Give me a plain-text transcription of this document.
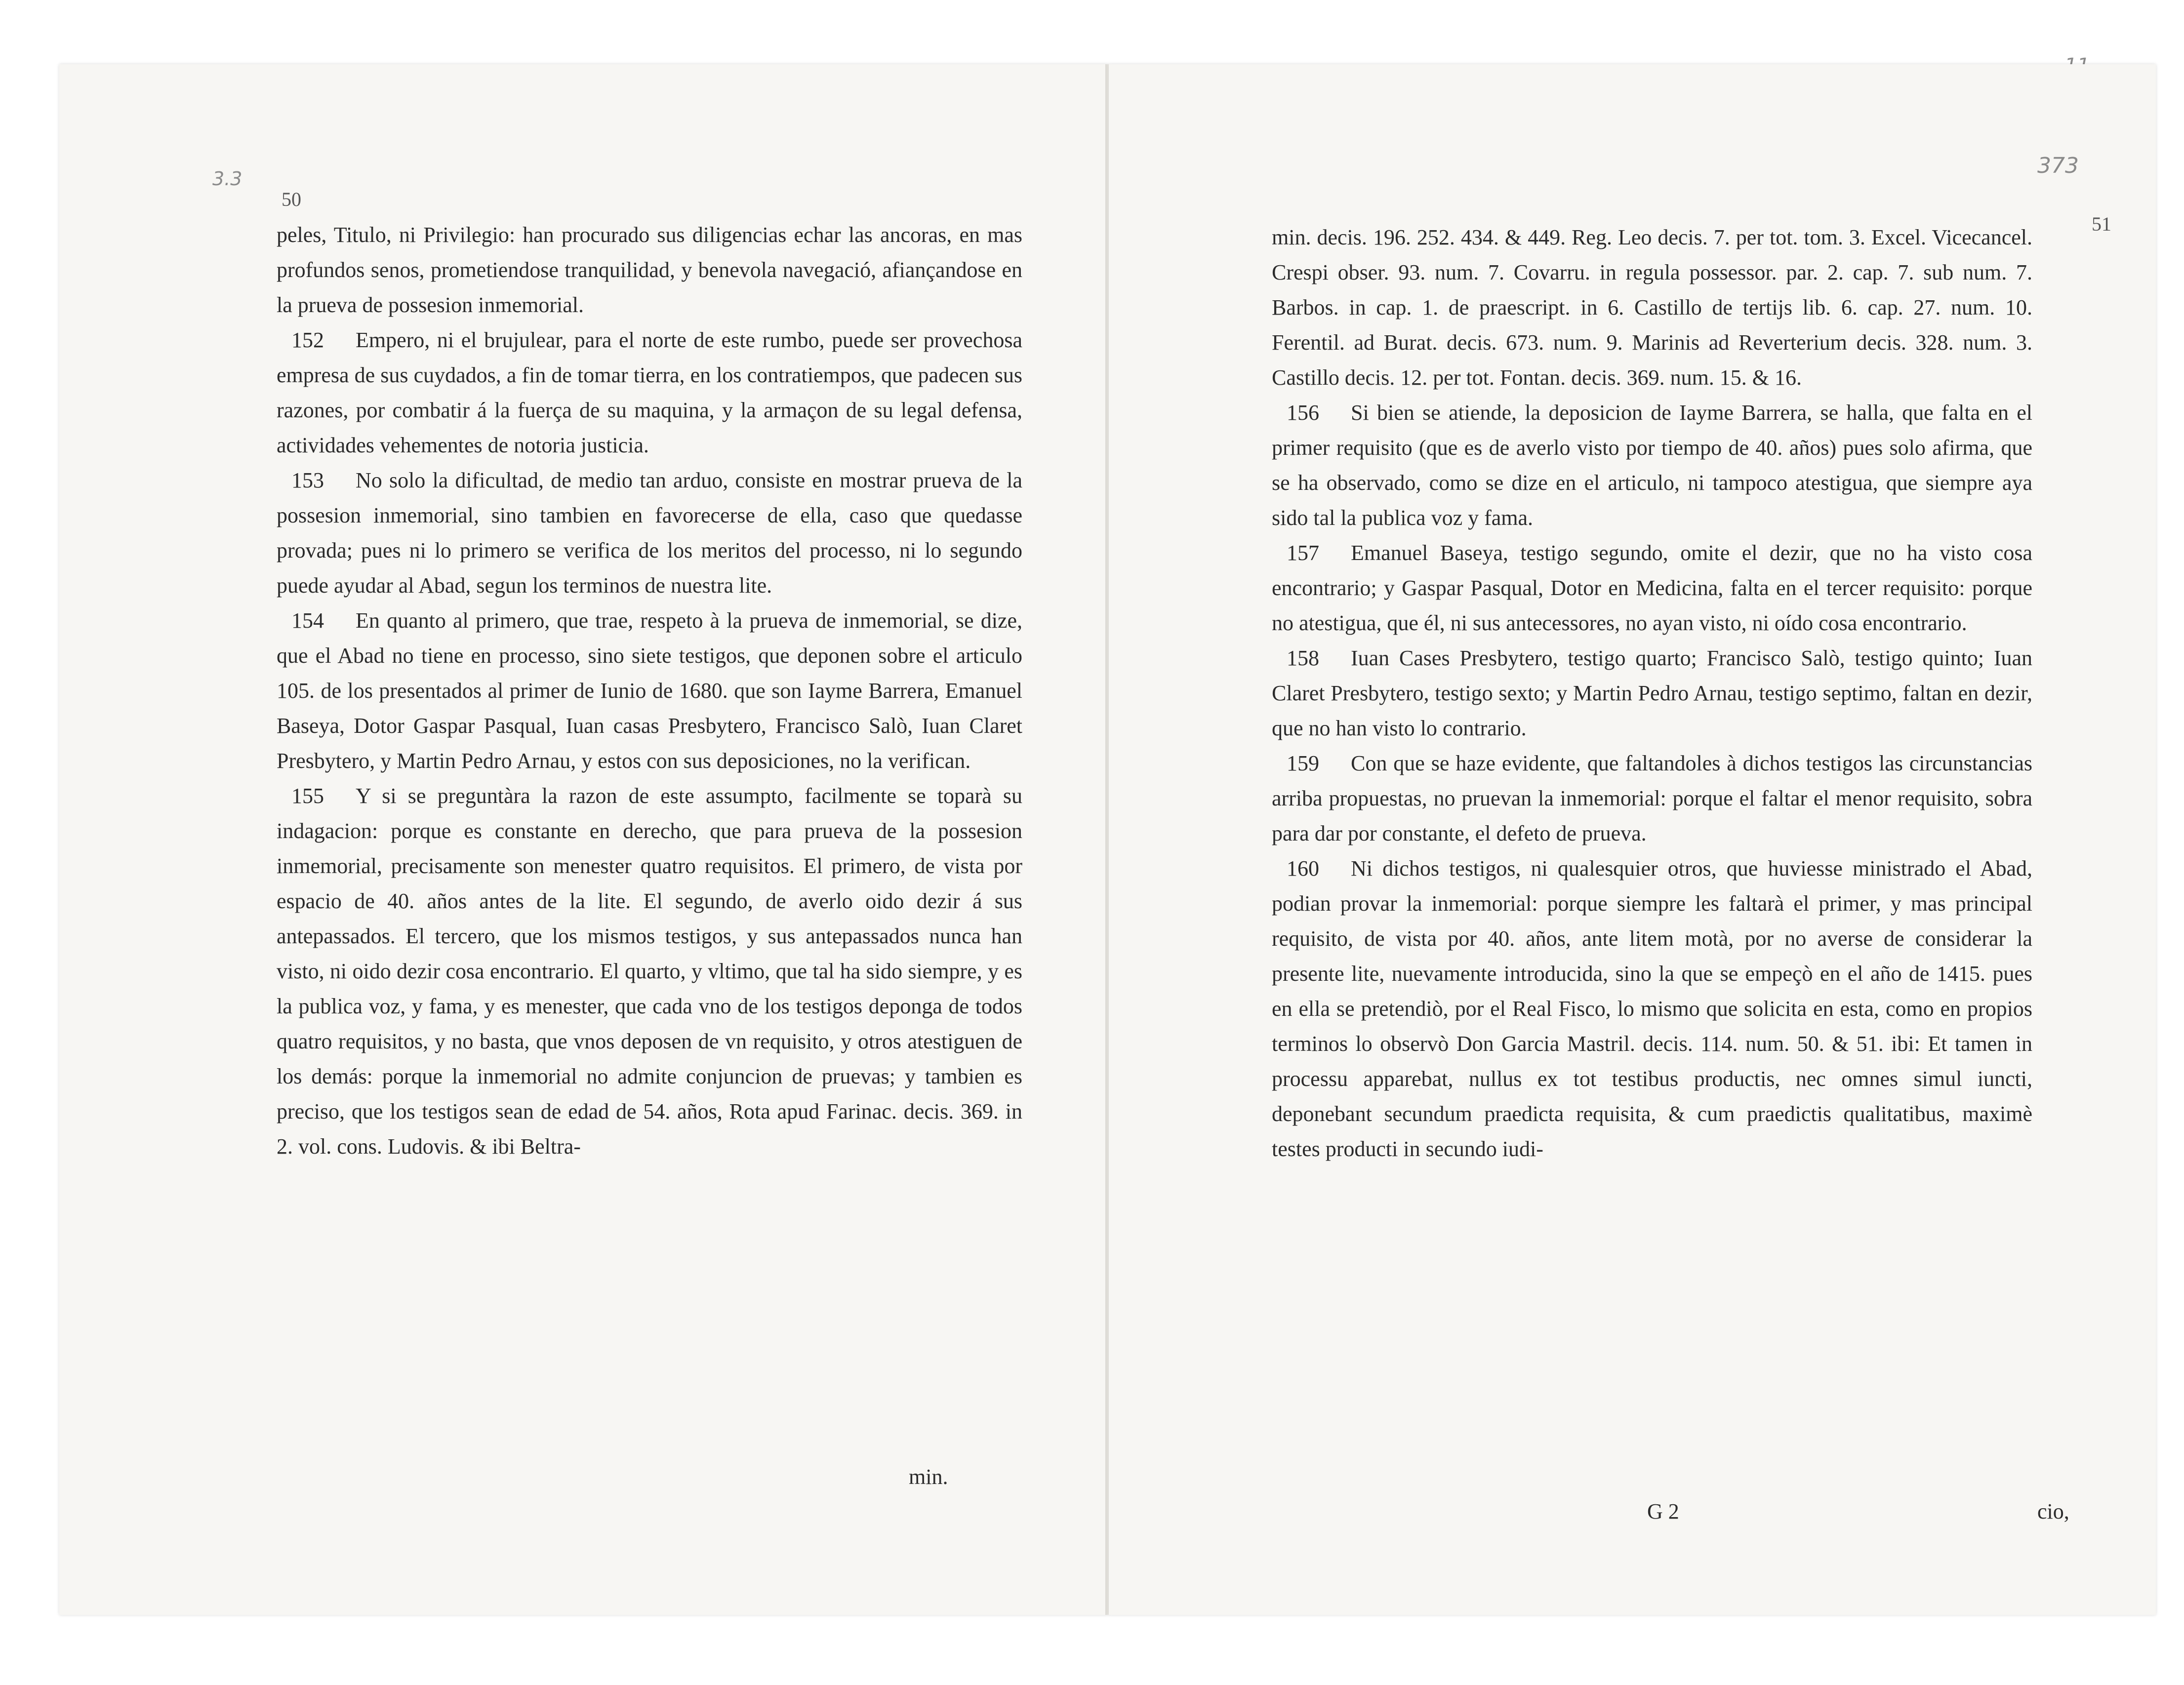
3.3
50

peles, Titulo, ni Privilegio: han procurado sus diligencias echar las ancoras, en mas profundos senos, prometiendose tranquilidad, y benevola navegació, afiançandose en la prueva de possesion inmemorial.

152 Empero, ni el brujulear, para el norte de este rumbo, puede ser provechosa empresa de sus cuydados, a fin de tomar tierra, en los contratiempos, que padecen sus razones, por combatir á la fuerça de su maquina, y la armaçon de su legal defensa, actividades vehementes de notoria justicia.

153 No solo la dificultad, de medio tan arduo, consiste en mostrar prueva de la possesion inmemorial, sino tambien en favorecerse de ella, caso que quedasse provada; pues ni lo primero se verifica de los meritos del processo, ni lo segundo puede ayudar al Abad, segun los terminos de nuestra lite.

154 En quanto al primero, que trae, respeto à la prueva de inmemorial, se dize, que el Abad no tiene en processo, sino siete testigos, que deponen sobre el articulo 105. de los presentados al primer de Iunio de 1680. que son Iayme Barrera, Emanuel Baseya, Dotor Gaspar Pasqual, Iuan casas Presbytero, Francisco Salò, Iuan Claret Presbytero, y Martin Pedro Arnau, y estos con sus deposiciones, no la verifican.

155 Y si se preguntàra la razon de este assumpto, facilmente se toparà su indagacion: porque es constante en derecho, que para prueva de la possesion inmemorial, precisamente son menester quatro requisitos. El primero, de vista por espacio de 40. años antes de la lite. El segundo, de averlo oido dezir á sus antepassados. El tercero, que los mismos testigos, y sus antepassados nunca han visto, ni oido dezir cosa encontrario. El quarto, y vltimo, que tal ha sido siempre, y es la publica voz, y fama, y es menester, que cada vno de los testigos deponga de todos quatro requisitos, y no basta, que vnos deposen de vn requisito, y otros atestiguen de los demás: porque la inmemorial no admite conjuncion de pruevas; y tambien es preciso, que los testigos sean de edad de 54. años, Rota apud Farinac. decis. 369. in 2. vol. cons. Ludovis. & ibi Beltra-

min.
373
51

min. decis. 196. 252. 434. & 449. Reg. Leo decis. 7. per tot. tom. 3. Excel. Vicecancel. Crespi obser. 93. num. 7. Covarru. in regula possessor. par. 2. cap. 7. sub num. 7. Barbos. in cap. 1. de praescript. in 6. Castillo de tertijs lib. 6. cap. 27. num. 10. Ferentil. ad Burat. decis. 673. num. 9. Marinis ad Reverterium decis. 328. num. 3. Castillo decis. 12. per tot. Fontan. decis. 369. num. 15. & 16.

156 Si bien se atiende, la deposicion de Iayme Barrera, se halla, que falta en el primer requisito (que es de averlo visto por tiempo de 40. años) pues solo afirma, que se ha observado, como se dize en el articulo, ni tampoco atestigua, que siempre aya sido tal la publica voz y fama.

157 Emanuel Baseya, testigo segundo, omite el dezir, que no ha visto cosa encontrario; y Gaspar Pasqual, Dotor en Medicina, falta en el tercer requisito: porque no atestigua, que él, ni sus antecessores, no ayan visto, ni oído cosa encontrario.

158 Iuan Cases Presbytero, testigo quarto; Francisco Salò, testigo quinto; Iuan Claret Presbytero, testigo sexto; y Martin Pedro Arnau, testigo septimo, faltan en dezir, que no han visto lo contrario.

159 Con que se haze evidente, que faltandoles à dichos testigos las circunstancias arriba propuestas, no pruevan la inmemorial: porque el faltar el menor requisito, sobra para dar por constante, el defeto de prueva.

160 Ni dichos testigos, ni qualesquier otros, que huviesse ministrado el Abad, podian provar la inmemorial: porque siempre les faltarà el primer, y mas principal requisito, de vista por 40. años, ante litem motà, por no averse de considerar la presente lite, nuevamente introducida, sino la que se empeçò en el año de 1415. pues en ella se pretendiò, por el Real Fisco, lo mismo que solicita en esta, como en propios terminos lo observò Don Garcia Mastril. decis. 114. num. 50. & 51. ibi: Et tamen in processu apparebat, nullus ex tot testibus productis, nec omnes simul iuncti, deponebant secundum praedicta requisita, & cum praedictis qualitatibus, maximè testes producti in secundo iudi-

G 2	cio,
